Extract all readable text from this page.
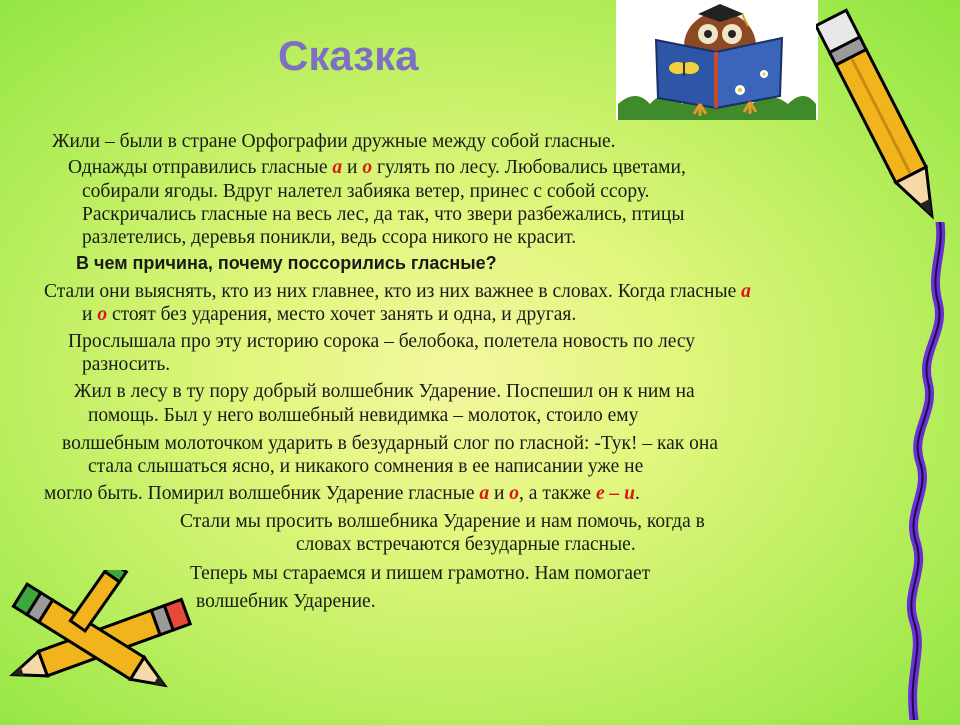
Сказка
Жили – были в стране Орфографии дружные между собой гласные.
Однажды отправились гласные а и о гулять по лесу. Любовались цветами,
собирали ягоды. Вдруг налетел забияка ветер, принес с собой ссору.
Раскричались гласные на весь лес, да так, что звери разбежались, птицы
разлетелись, деревья поникли, ведь ссора никого не красит.
В чем причина, почему поссорились гласные?
Стали они выяснять, кто из них главнее, кто из них важнее в словах. Когда гласные а
и о стоят без ударения, место хочет занять и одна, и другая.
Прослышала про эту историю сорока – белобока, полетела новость по лесу
разносить.
Жил в лесу в ту пору добрый волшебник Ударение. Поспешил он к ним на
помощь. Был у него волшебный невидимка – молоток, стоило ему
волшебным молоточком ударить в безударный слог по гласной: -Тук! – как она
стала слышаться ясно, и никакого сомнения в ее написании уже не
могло быть. Помирил волшебник Ударение гласные а и о, а также е – и.
Стали мы просить волшебника Ударение и нам помочь, когда в
словах встречаются безударные гласные.
Теперь мы стараемся и пишем грамотно. Нам помогает
волшебник Ударение.
